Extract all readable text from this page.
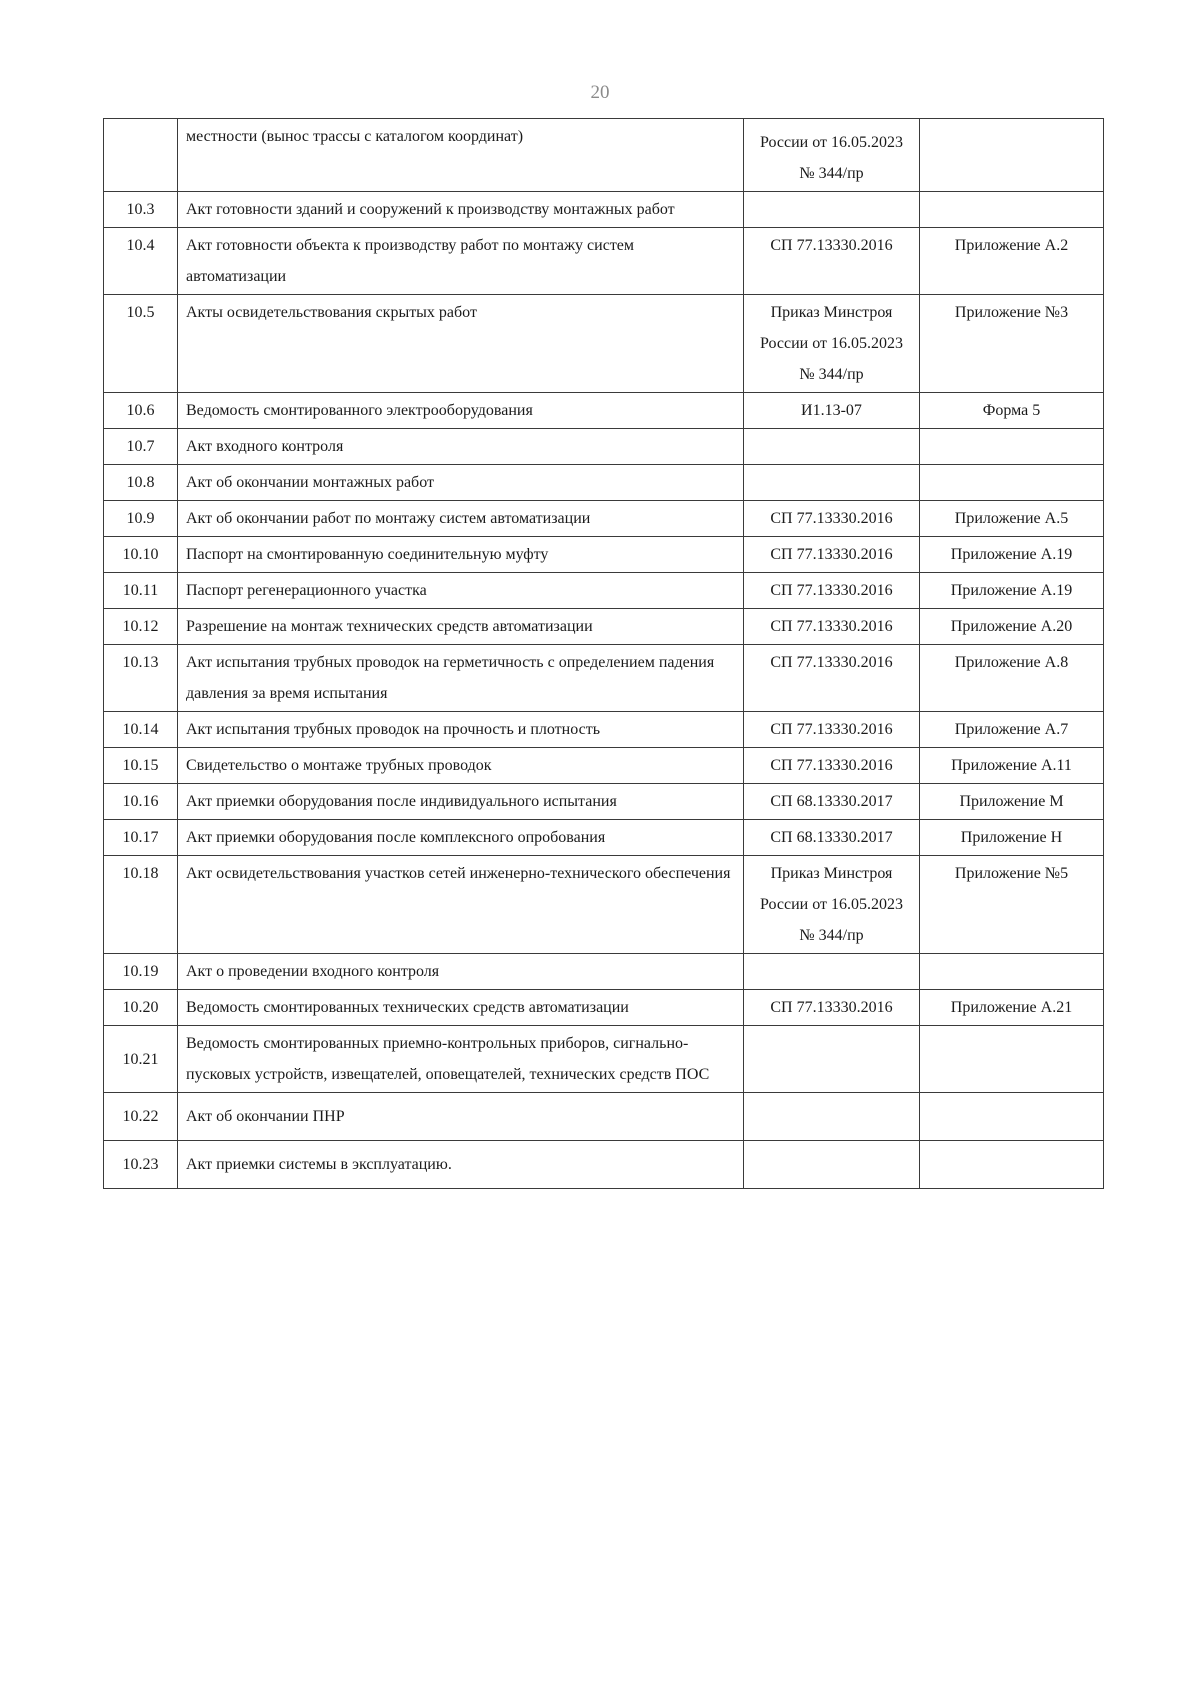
20
	местности (вынос трассы с каталогом координат)	России от 16.05.2023 № 344/пр	
10.3	Акт готовности зданий и сооружений к производству монтажных работ		
10.4	Акт готовности объекта к производству работ по монтажу систем автоматизации	СП 77.13330.2016	Приложение А.2
10.5	Акты освидетельствования скрытых работ	Приказ Минстроя России от 16.05.2023 № 344/пр	Приложение №3
10.6	Ведомость смонтированного электрооборудования	И1.13-07	Форма 5
10.7	Акт входного контроля		
10.8	Акт об окончании монтажных работ		
10.9	Акт об окончании работ по монтажу систем автоматизации	СП 77.13330.2016	Приложение А.5
10.10	Паспорт на смонтированную соединительную муфту	СП 77.13330.2016	Приложение А.19
10.11	Паспорт регенерационного участка	СП 77.13330.2016	Приложение А.19
10.12	Разрешение на монтаж технических средств автоматизации	СП 77.13330.2016	Приложение А.20
10.13	Акт испытания трубных проводок на герметичность с определением падения давления за время испытания	СП 77.13330.2016	Приложение А.8
10.14	Акт испытания трубных проводок на прочность и плотность	СП 77.13330.2016	Приложение А.7
10.15	Свидетельство о монтаже трубных проводок	СП 77.13330.2016	Приложение А.11
10.16	Акт приемки оборудования после индивидуального испытания	СП 68.13330.2017	Приложение М
10.17	Акт приемки оборудования после комплексного опробования	СП 68.13330.2017	Приложение Н
10.18	Акт освидетельствования участков сетей инженерно-технического обеспечения	Приказ Минстроя России от 16.05.2023 № 344/пр	Приложение №5
10.19	Акт о проведении входного контроля		
10.20	Ведомость смонтированных технических средств автоматизации	СП 77.13330.2016	Приложение А.21
10.21	Ведомость смонтированных приемно-контрольных приборов, сигнально-пусковых устройств, извещателей, оповещателей, технических средств ПОС		
10.22	Акт об окончании ПНР		
10.23	Акт приемки системы в эксплуатацию.		
